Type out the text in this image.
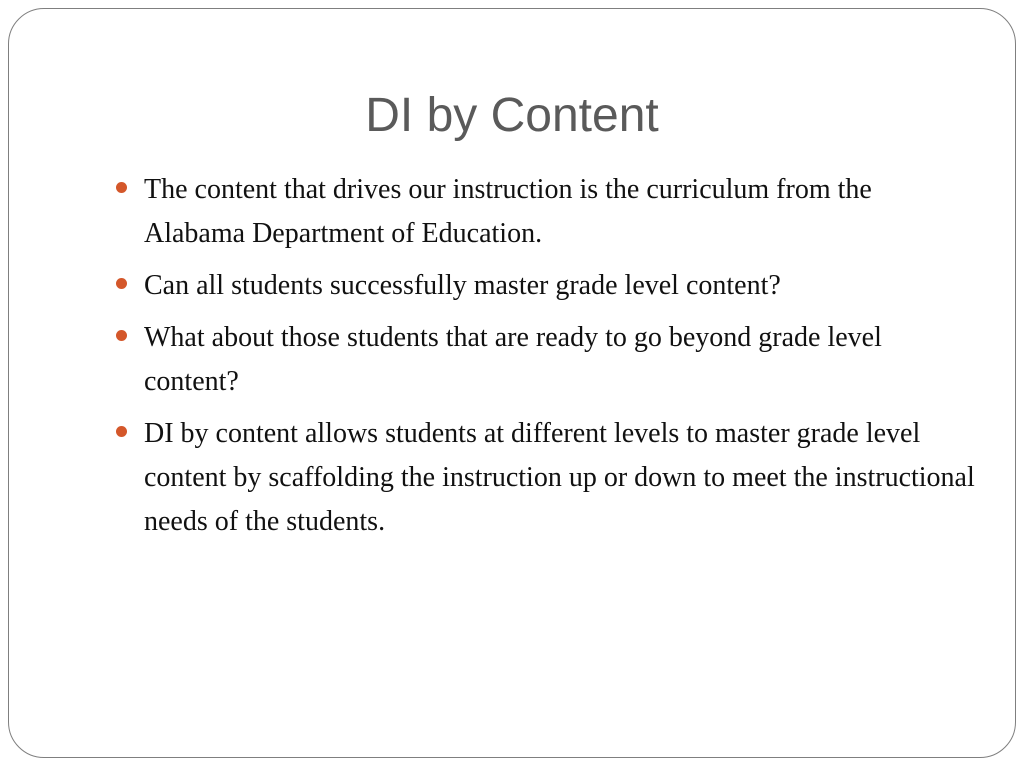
DI by Content
The content that drives our instruction is the curriculum from the Alabama Department of Education.
Can all students successfully master grade level content?
What about those students that are ready to go beyond grade level content?
DI by content allows students at different levels to master grade level content by scaffolding the instruction up or down to meet the instructional needs of the students.
